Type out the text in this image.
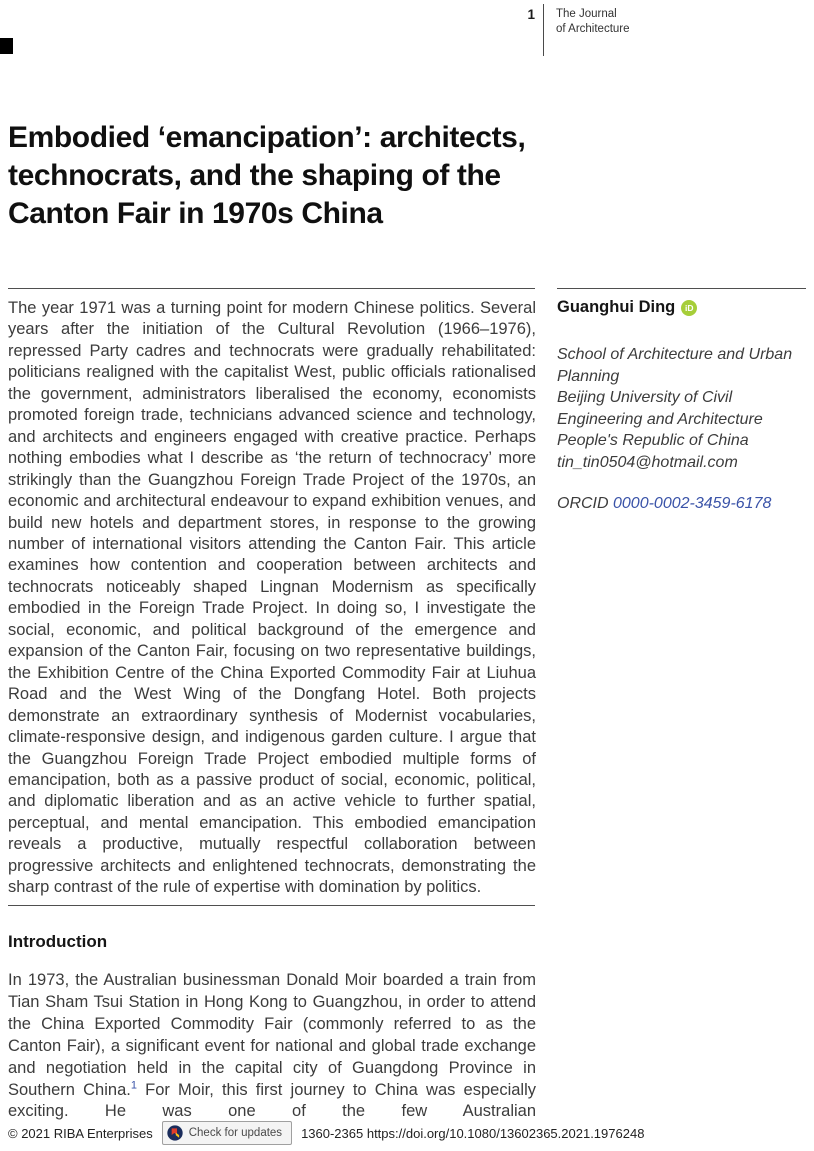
1 The Journal
of Architecture
Embodied ‘emancipation’: architects,
technocrats, and the shaping of the
Canton Fair in 1970s China
The year 1971 was a turning point for modern Chinese politics. Several years after the initiation of the Cultural Revolution (1966–1976), repressed Party cadres and technocrats were gradually rehabilitated: politicians realigned with the capitalist West, public officials rationalised the government, administrators liberalised the economy, economists promoted foreign trade, technicians advanced science and technology, and architects and engineers engaged with creative practice. Perhaps nothing embodies what I describe as ‘the return of technocracy’ more strikingly than the Guangzhou Foreign Trade Project of the 1970s, an economic and architectural endeavour to expand exhibition venues, and build new hotels and department stores, in response to the growing number of international visitors attending the Canton Fair. This article examines how contention and cooperation between architects and technocrats noticeably shaped Lingnan Modernism as specifically embodied in the Foreign Trade Project. In doing so, I investigate the social, economic, and political background of the emergence and expansion of the Canton Fair, focusing on two representative buildings, the Exhibition Centre of the China Exported Commodity Fair at Liuhua Road and the West Wing of the Dongfang Hotel. Both projects demonstrate an extraordinary synthesis of Modernist vocabularies, climate-responsive design, and indigenous garden culture. I argue that the Guangzhou Foreign Trade Project embodied multiple forms of emancipation, both as a passive product of social, economic, political, and diplomatic liberation and as an active vehicle to further spatial, perceptual, and mental emancipation. This embodied emancipation reveals a productive, mutually respectful collaboration between progressive architects and enlightened technocrats, demonstrating the sharp contrast of the rule of expertise with domination by politics.
Guanghui Ding	iD
School of Architecture and Urban Planning
Beijing University of Civil Engineering and Architecture
People's Republic of China
tin_tin0504@hotmail.com
ORCID 0000-0002-3459-6178
Introduction
In 1973, the Australian businessman Donald Moir boarded a train from Tian Sham Tsui Station in Hong Kong to Guangzhou, in order to attend the China Exported Commodity Fair (commonly referred to as the Canton Fair), a significant event for national and global trade exchange and negotiation held in the capital city of Guangdong Province in Southern China.$^1$ For Moir, this first journey to China was especially exciting. He was one of the few Australian
© 2021 RIBA Enterprises	Check for updates 1360-2365 https://doi.org/10.1080/13602365.2021.1976248
